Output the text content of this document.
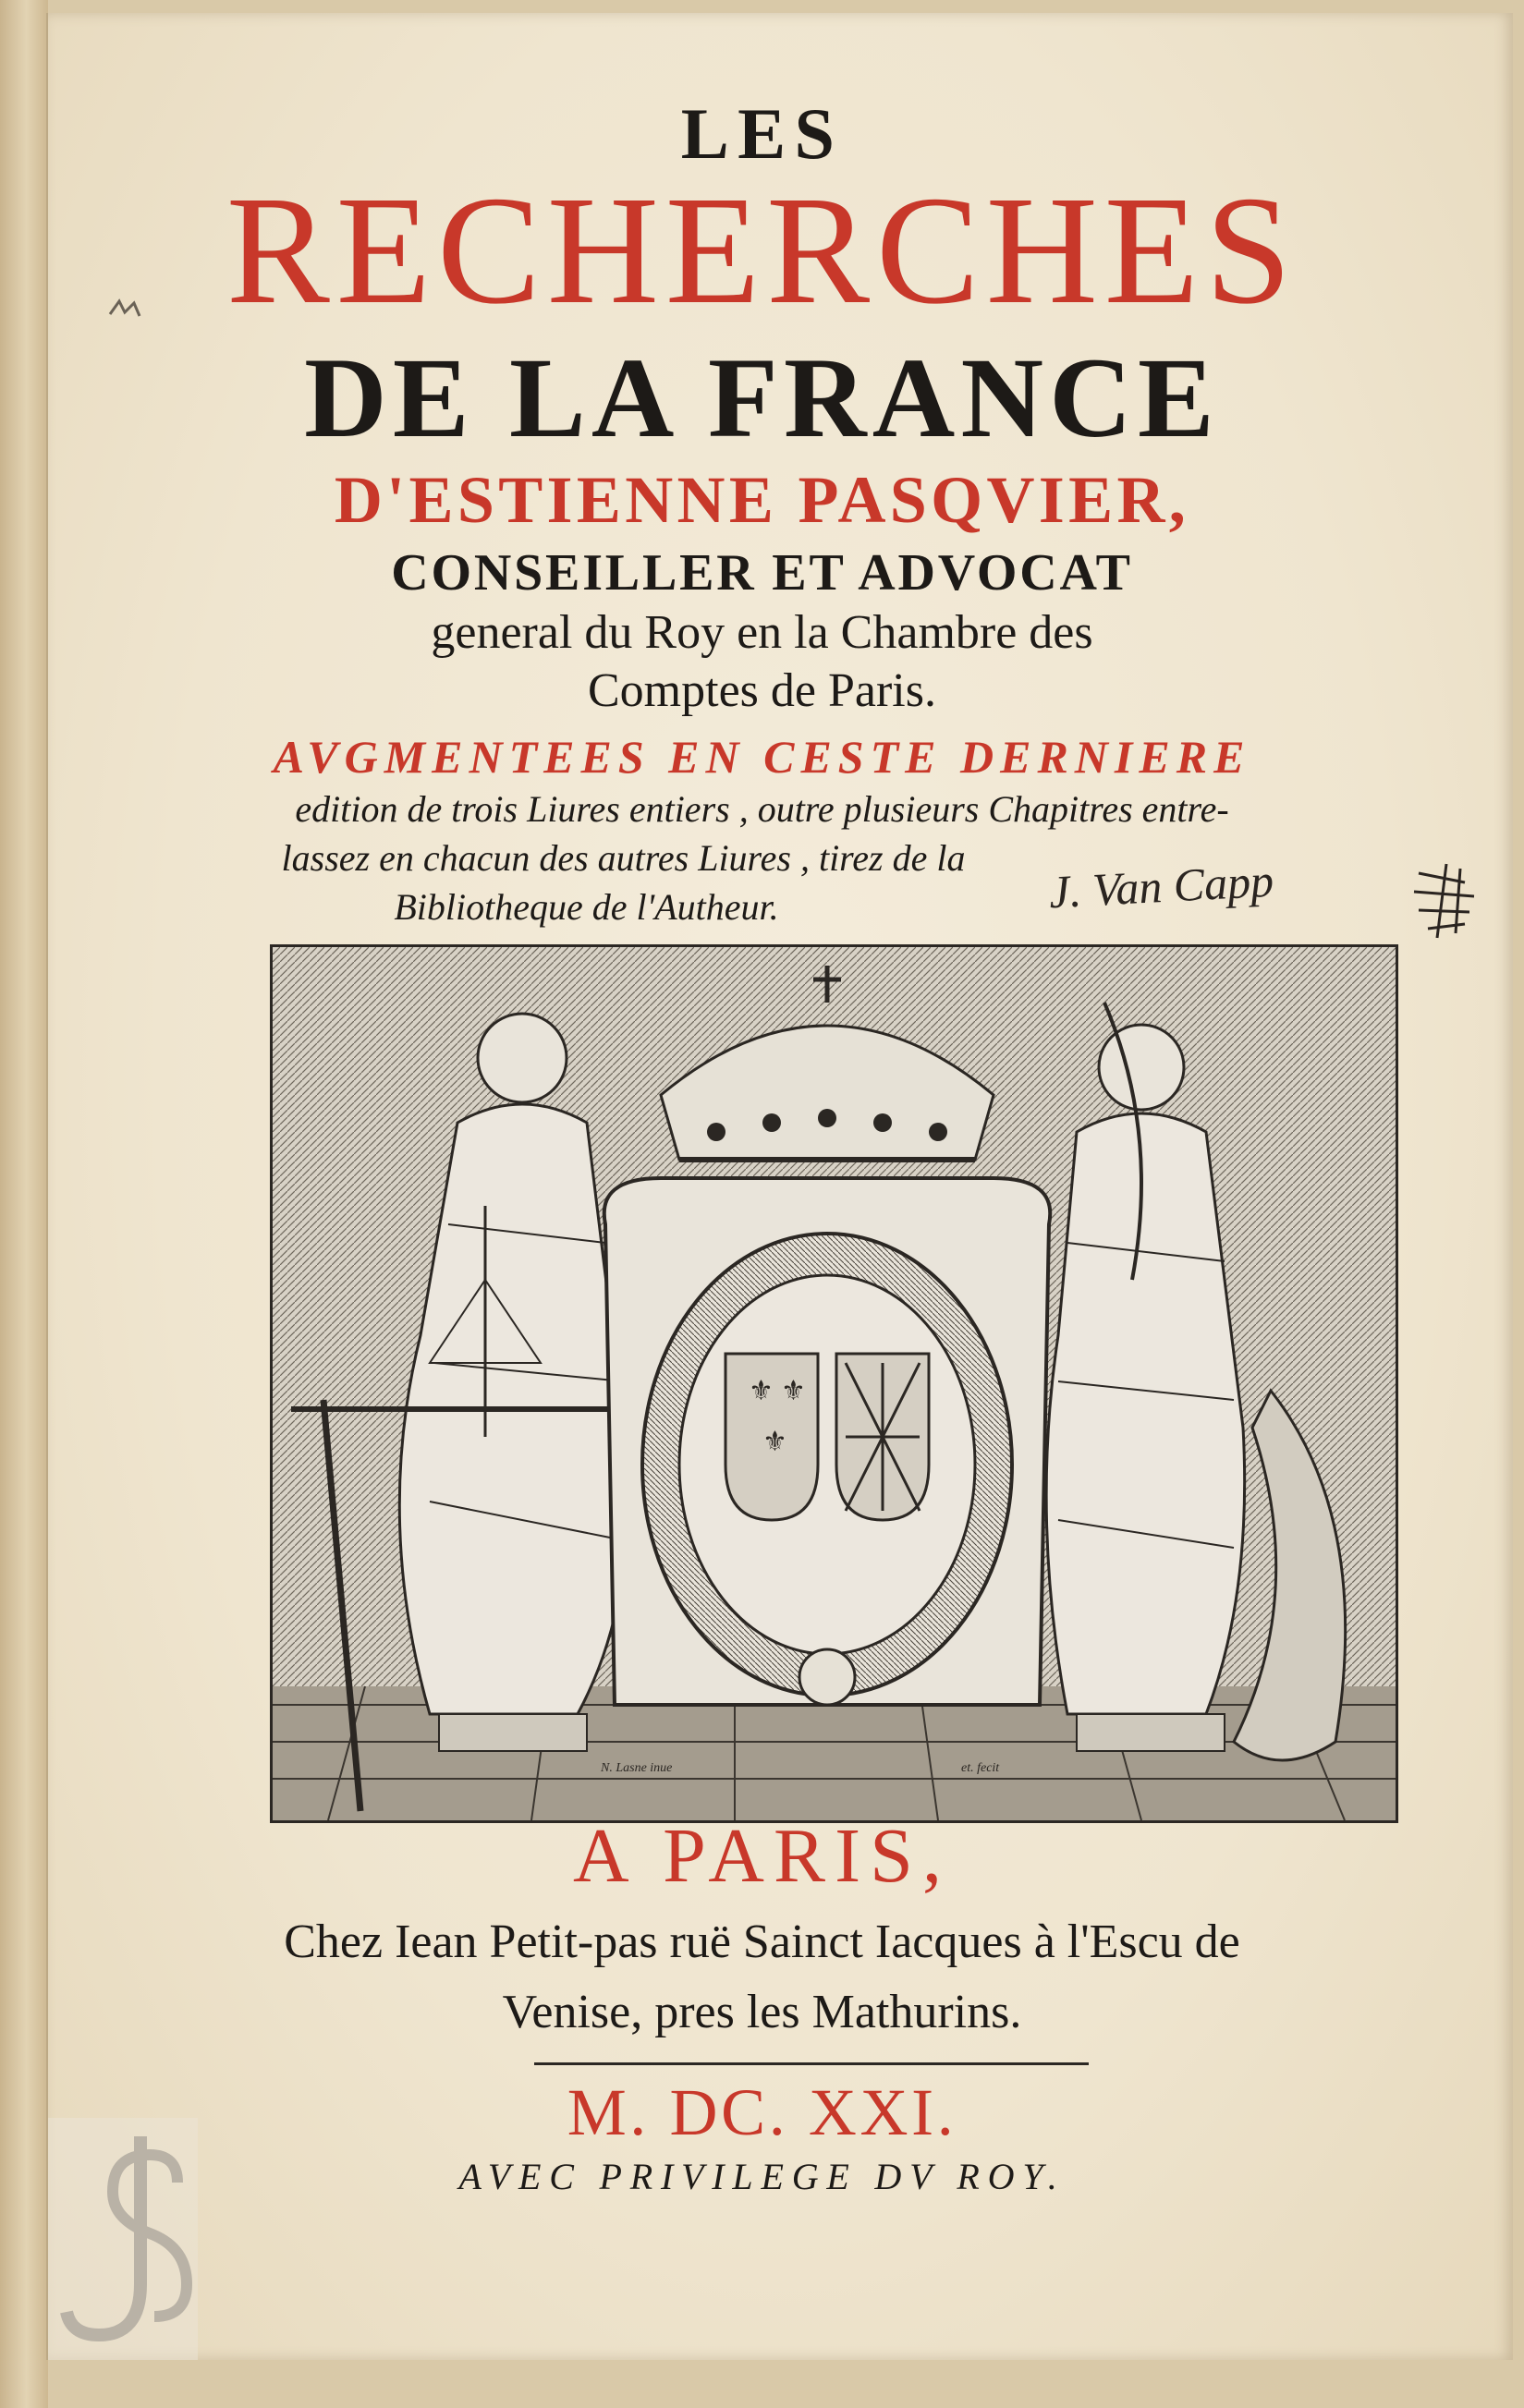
LES
RECHERCHES
DE LA FRANCE
D'ESTIENNE PASQVIER,
CONSEILLER ET ADVOCAT
general du Roy en la Chambre des
Comptes de Paris.
AVGMENTEES EN CESTE DERNIERE
edition de trois Liures entiers , outre plusieurs Chapitres entre-
lassez en chacun des autres Liures , tirez de la
Bibliotheque de l'Autheur.	J. Van Capp
⚜ ⚜
⚜
N. Lasne inue	et. fecit
A PARIS,
Chez Iean Petit-pas ruë Sainct Iacques à l'Escu de
Venise, pres les Mathurins.
M. DC. XXI.
AVEC PRIVILEGE DV ROY.
